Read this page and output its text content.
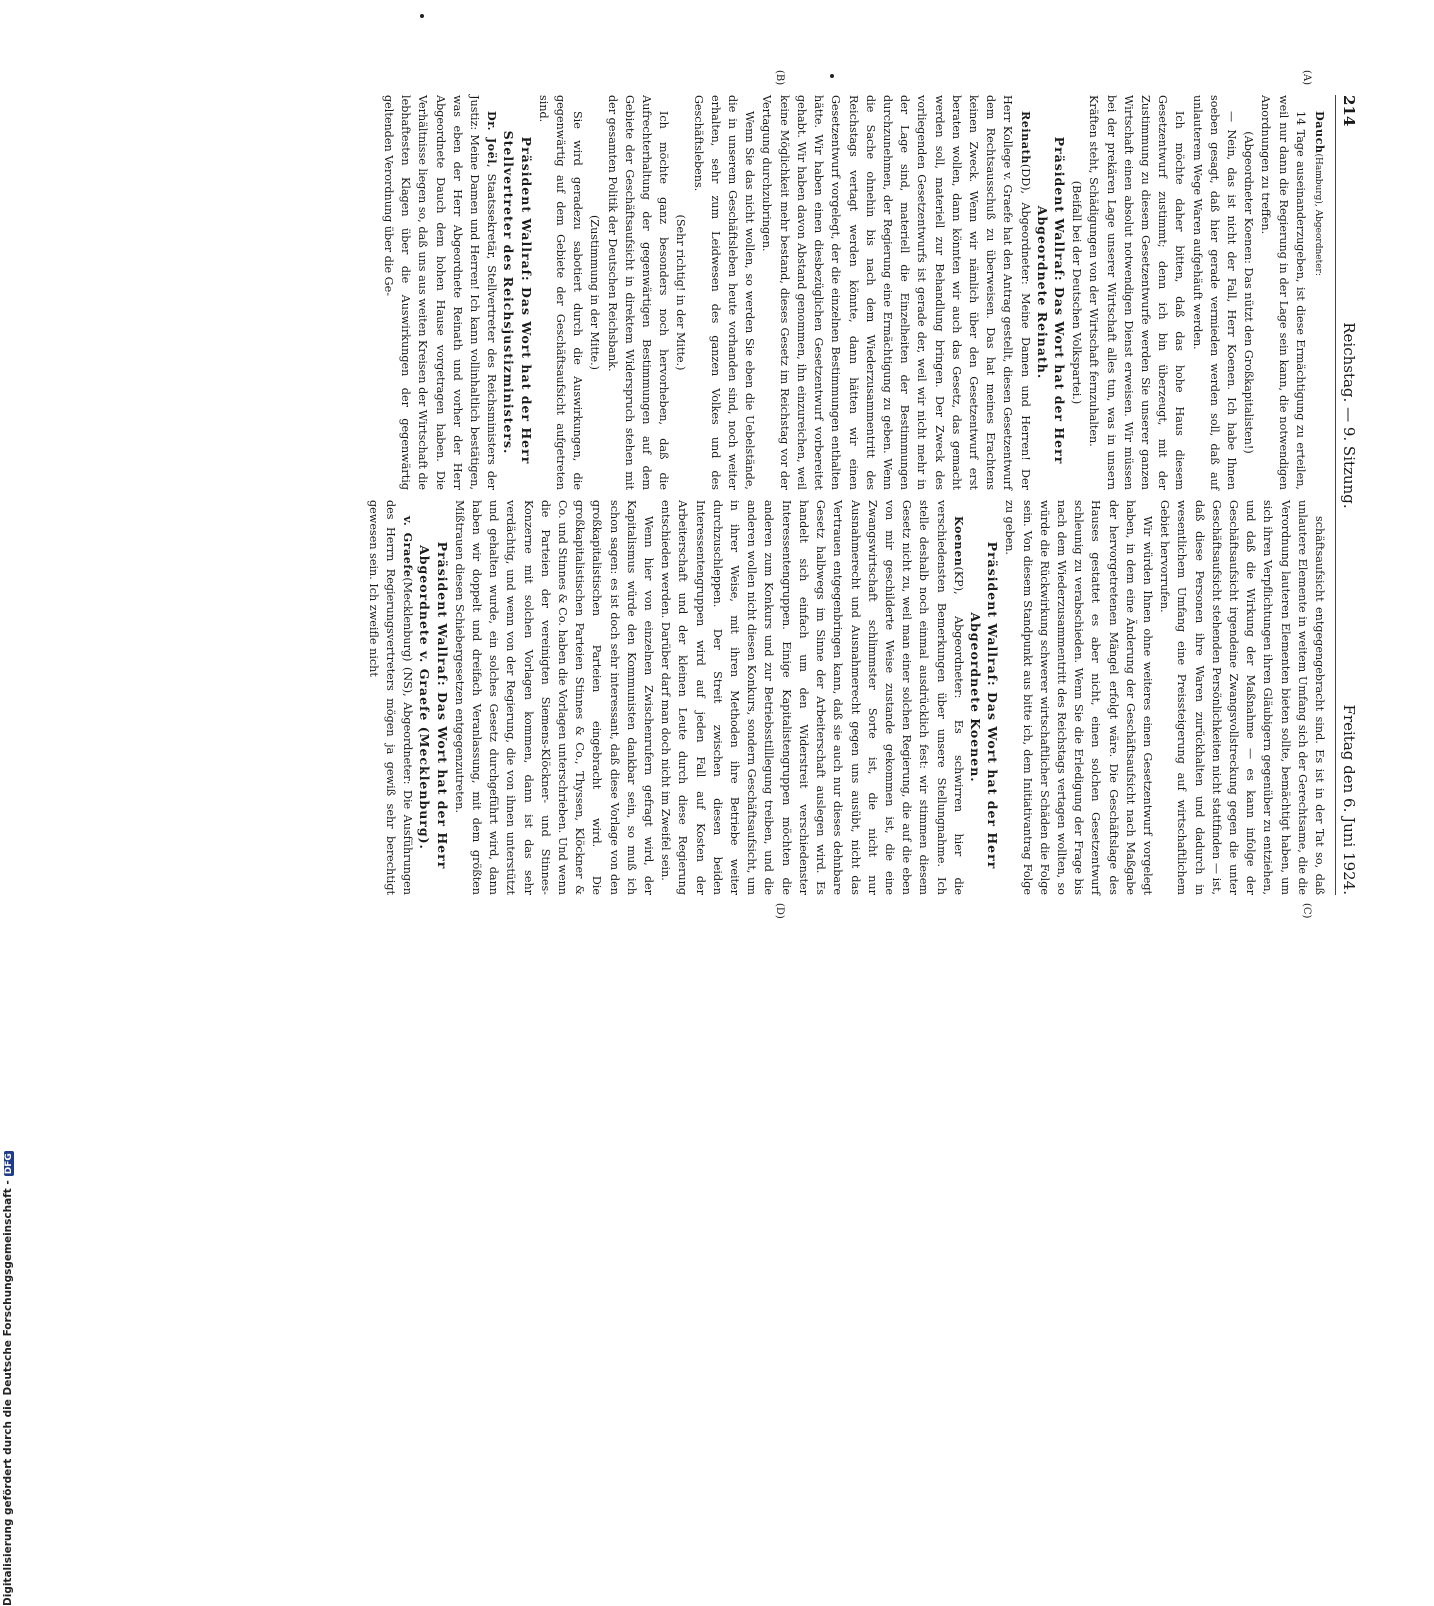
214
Reichstag. — 9. Sitzung.
Freitag den 6. Juni 1924.
(A)
(B)
(C)
(D)

Dauch(Hamburg), Abgeordneter:

14 Tage auseinanderzugeben, ist diese Ermächtigung zu erteilen, weil nur dann die Regierung in der Lage sein kann, die notwendigen Anordnungen zu treffen.

(Abgeordneter Koenen: Das nützt den Großkapitalisten!)

— Nein, das ist nicht der Fall, Herr Koenen. Ich habe Ihnen soeben gesagt, daß hier gerade vermieden werden soll, daß auf unlauterem Wege Waren aufgehäuft werden.

Ich möchte daher bitten, daß das hohe Haus diesem Gesetzentwurf zustimmt; denn ich bin überzeugt, mit der Zustimmung zu diesem Gesetzentwurfe werden Sie unserer ganzen Wirtschaft einen absolut notwendigen Dienst erweisen. Wir müssen bei der prekären Lage unserer Wirtschaft alles tun, was in unsern Kräften steht, Schädigungen von der Wirtschaft fernzuhalten.

(Beifall bei der Deutschen Volkspartei.)

Präsident Wallraf: Das Wort hat der Herr Abgeordnete Reinath.

Reinath(DD), Abgeordneter: Meine Damen und Herren! Der Herr Kollege v. Graefe hat den Antrag gestellt, diesen Gesetzentwurf dem Rechtsausschuß zu überweisen. Das hat meines Erachtens keinen Zweck. Wenn wir nämlich über den Gesetzentwurf erst beraten wollen, dann könnten wir auch das Gesetz, das gemacht werden soll, materiell zur Behandlung bringen. Der Zweck des vorliegenden Gesetzentwurfs ist gerade der, weil wir nicht mehr in der Lage sind, materiell die Einzelheiten der Bestimmungen durchzunehmen, der Regierung eine Ermächtigung zu geben. Wenn die Sache ohnehin bis nach dem Wiederzusammentritt des Reichstags vertagt werden könnte, dann hätten wir einen Gesetzentwurf vorgelegt, der die einzelnen Bestimmungen enthalten hätte. Wir haben einen diesbezüglichen Gesetzentwurf vorbereitet gehabt. Wir haben davon Abstand genommen, ihn einzureichen, weil keine Möglichkeit mehr bestand, dieses Gesetz im Reichstag vor der Vertagung durchzubringen.

Wenn Sie das nicht wollen, so werden Sie eben die Uebelstände, die in unserem Geschäftsleben heute vorhanden sind, noch weiter erhalten, sehr zum Leidwesen des ganzen Volkes und des Geschäftslebens.

(Sehr richtig! in der Mitte.)

Ich möchte ganz besonders noch hervorheben, daß die Aufrechterhaltung der gegenwärtigen Bestimmungen auf dem Gebiete der Geschäftsaufsicht in direktem Widerspruch stehen mit der gesamten Politik der Deutschen Reichsbank.

(Zustimmung in der Mitte.)

Sie wird geradezu sabotiert durch die Auswirkungen, die gegenwärtig auf dem Gebiete der Geschäftsaufsicht aufgetreten sind.

Präsident Wallraf: Das Wort hat der Herr Stellvertreter des Reichsjustizministers.

Dr. Joël, Staatssekretär, Stellvertreter des Reichsministers der Justiz: Meine Damen und Herren! Ich kann vollinhaltlich bestätigen, was eben der Herr Abgeordnete Reinath und vorher der Herr Abgeordnete Dauch dem hohen Hause vorgetragen haben. Die Verhältnisse liegen so, daß uns aus weiten Kreisen der Wirtschaft die lebhaftesten Klagen über die Auswirkungen der gegenwärtig geltenden Verordnung über die Ge-

schäftsaufsicht entgegengebracht sind. Es ist in der Tat so, daß unlautere Elemente in weitem Umfang sich der Gerechtsame, die die Verordnung lauteren Elementen bieten sollte, bemächtigt haben, um sich ihren Verpflichtungen ihren Gläubigern gegenüber zu entziehen, und daß die Wirkung der Maßnahme — es kann infolge der Geschäftsaufsicht irgendeine Zwangsvollstreckung gegen die unter Geschäftsaufsicht stehenden Persönlichkeiten nicht stattfinden — ist, daß diese Personen ihre Waren zurückhalten und dadurch in wesentlichem Umfang eine Preissteigerung auf wirtschaftlichem Gebiet hervorrufen.

Wir würden Ihnen ohne weiteres einen Gesetzentwurf vorgelegt haben, in dem eine Änderung der Geschäftsaufsicht nach Maßgabe der hervorgetretenen Mängel erfolgt wäre. Die Geschäftslage des Hauses gestattet es aber nicht, einen solchen Gesetzentwurf schleunig zu verabschieden. Wenn Sie die Erledigung der Frage bis nach dem Wiederzusammentritt des Reichstags vertagen wollten, so würde die Rückwirkung schwerer wirtschaftlicher Schäden die Folge sein. Von diesem Standpunkt aus bitte ich, dem Initiativantrag Folge zu geben.

Präsident Wallraf: Das Wort hat der Herr Abgeordnete Koenen.

Koenen(KP), Abgeordneter: Es schwirren hier die verschiedensten Bemerkungen über unsere Stellungnahme. Ich stelle deshalb noch einmal ausdrücklich fest: wir stimmen diesem Gesetz nicht zu, weil man einer solchen Regierung, die auf die eben von mir geschilderte Weise zustande gekommen ist, die eine Zwangswirtschaft schlimmster Sorte ist, die nicht nur Ausnahmerecht und Ausnahmerecht gegen uns ausübt, nicht das Vertrauen entgegenbringen kann, daß sie auch nur dieses dehnbare Gesetz halbwegs im Sinne der Arbeiterschaft auslegen wird. Es handelt sich einfach um den Widerstreit verschiedenster Interessentengruppen. Einige Kapitalistengruppen möchten die anderen zum Konkurs und zur Betriebsstilllegung treiben, und die anderen wollen nicht diesen Konkurs, sondern Geschäftsaufsicht, um in ihrer Weise, mit ihren Methoden ihre Betriebe weiter durchzuschleppen. Der Streit zwischen diesen beiden Interessentengruppen wird auf jeden Fall auf Kosten der Arbeiterschaft und der kleinen Leute durch diese Regierung entschieden werden. Darüber darf man doch nicht im Zweifel sein.

Wenn hier von einzelnen Zwischenrufern gefragt wird, der Kapitalismus würde den Kommunisten dankbar sein, so muß ich schon sagen: es ist doch sehr interessant, daß diese Vorlage von den großkapitalistischen Parteien eingebracht wird. Die großkapitalistischen Parteien Stinnes & Co., Thyssen, Klöckner & Co. und Stinnes & Co. haben die Vorlagen unterschrieben. Und wenn die Parteien der vereinigten Siemens-Klöckner- und Stinnes-Konzerne mit solchen Vorlagen kommen, dann ist das sehr verdächtig, und wenn von der Regierung, die von ihnen unterstützt und gehalten wurde, ein solches Gesetz durchgeführt wird, dann haben wir doppelt und dreifach Veranlassung, mit dem größten Mißtrauen diesen Schiebergesetzen entgegenzutreten.

Präsident Wallraf: Das Wort hat der Herr Abgeordnete v. Graefe (Mecklenburg).

v. Graefe(Mecklenburg) (NS), Abgeordneter: Die Ausführungen des Herrn Regierungsvertreters mögen ja gewiß sehr berechtigt gewesen sein. Ich zweifle nicht

Digitalisierung gefördert durch die Deutsche Forschungsgemeinschaft -DFG
